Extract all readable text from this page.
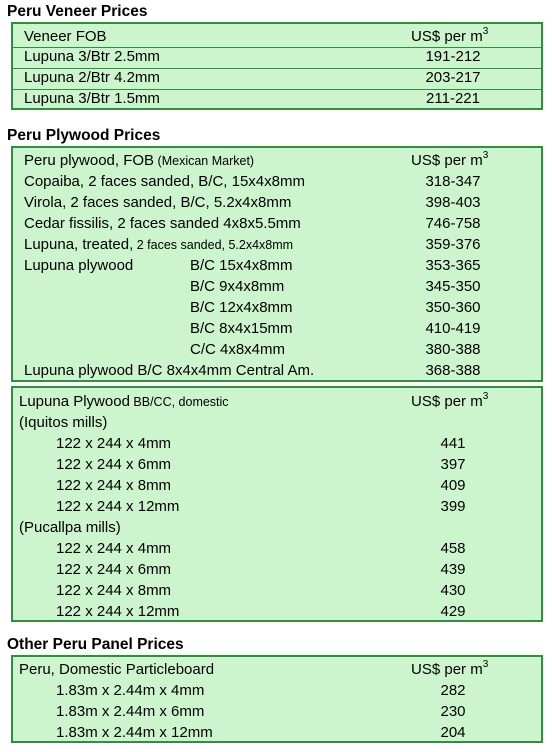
Peru Veneer Prices
Veneer FOB	US$ per $m^3$
Lupuna 3/Btr 2.5mm	191-212
Lupuna 2/Btr 4.2mm	203-217
Lupuna 3/Btr 1.5mm	211-221
Peru Plywood Prices
Peru plywood, FOB (Mexican Market)	US$ per $m^3$
Copaiba, 2 faces sanded, B/C, 15x4x8mm	318-347
Virola, 2 faces sanded, B/C, 5.2x4x8mm	398-403
Cedar fissilis, 2 faces sanded 4x8x5.5mm	746-758
Lupuna, treated, 2 faces sanded, 5.2x4x8mm	359-376
Lupuna plywood	B/C 15x4x8mm	353-365
B/C 9x4x8mm	345-350
B/C 12x4x8mm	350-360
B/C 8x4x15mm	410-419
C/C 4x8x4mm	380-388
Lupuna plywood B/C 8x4x4mm Central Am.	368-388
Lupuna Plywood BB/CC, domestic	US$ per $m^3$
(Iquitos mills)
122 x 244 x 4mm	441
122 x 244 x 6mm	397
122 x 244 x 8mm	409
122 x 244 x 12mm	399
(Pucallpa mills)
122 x 244 x 4mm	458
122 x 244 x 6mm	439
122 x 244 x 8mm	430
122 x 244 x 12mm	429
Other Peru Panel Prices
Peru, Domestic Particleboard	US$ per $m^3$
1.83m x 2.44m x 4mm	282
1.83m x 2.44m x 6mm	230
1.83m x 2.44m x 12mm	204
